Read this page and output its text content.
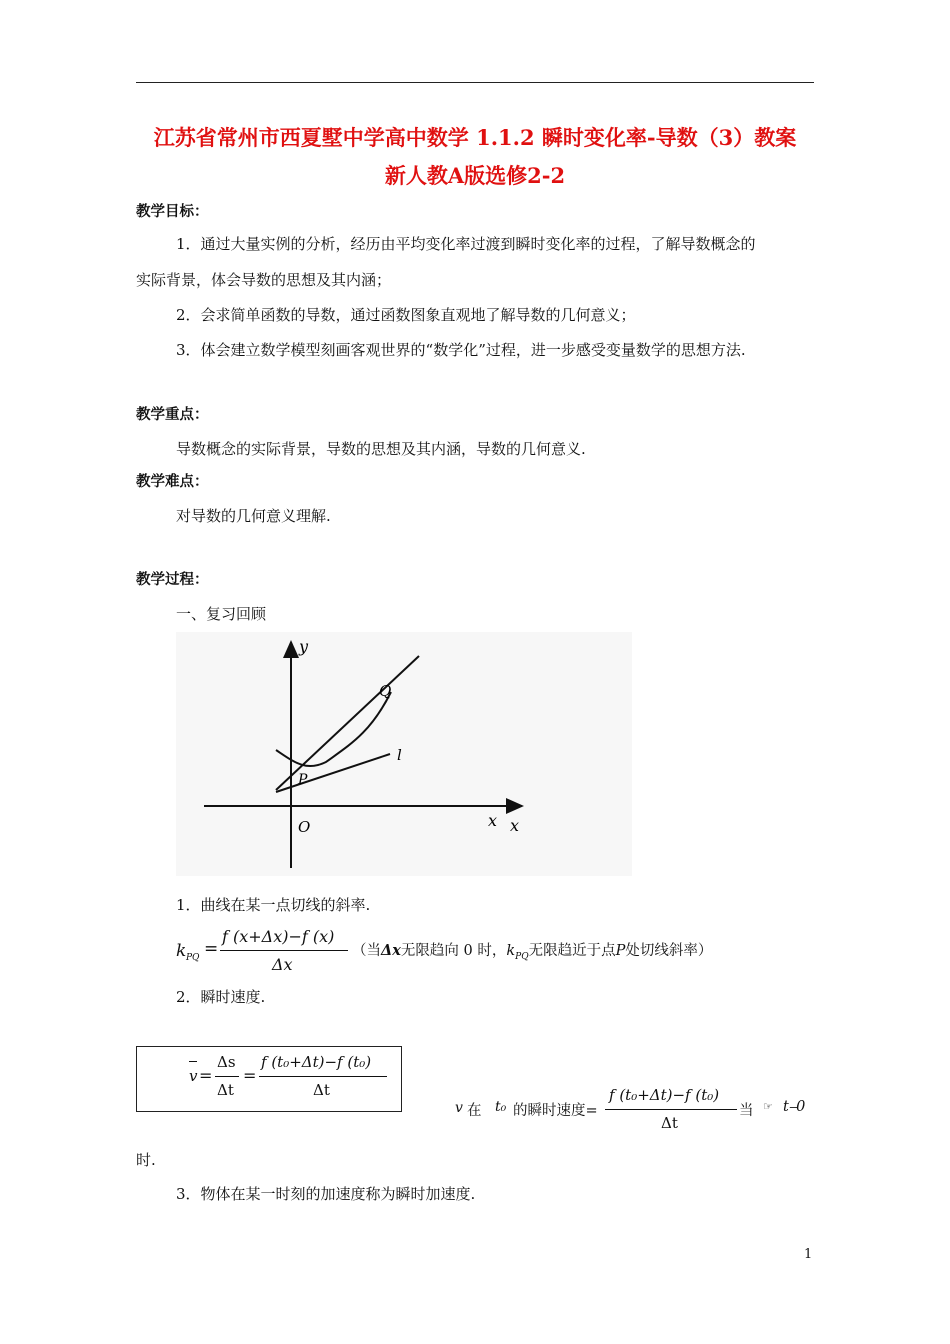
江苏省常州市西夏墅中学高中数学 1.1.2 瞬时变化率-导数（3）教案
新人教A版选修2-2
教学目标：
1．通过大量实例的分析，经历由平均变化率过渡到瞬时变化率的过程，了解导数概念的
实际背景，体会导数的思想及其内涵；
2．会求简单函数的导数，通过函数图象直观地了解导数的几何意义；
3．体会建立数学模型刻画客观世界的“数学化”过程，进一步感受变量数学的思想方法.
教学重点：
导数概念的实际背景，导数的思想及其内涵，导数的几何意义.
教学难点：
对导数的几何意义理解.
教学过程：
一、复习回顾
y
Q
l
P
O	x x
1．曲线在某一点切线的斜率.
k PQ =
f (x+Δx)−f (x)
Δx
（当Δx无限趋向 0 时，$k_{PQ}$无限趋近于点P处切线斜率）
2．瞬时速度.
v =
Δs
Δt
=
f (t₀+Δt)−f (t₀)
Δt
v 在 t₀ 的瞬时速度=
f (t₀+Δt)−f (t₀)
Δt
当 ☞ t⎯0
时.
3．物体在某一时刻的加速度称为瞬时加速度.
1
